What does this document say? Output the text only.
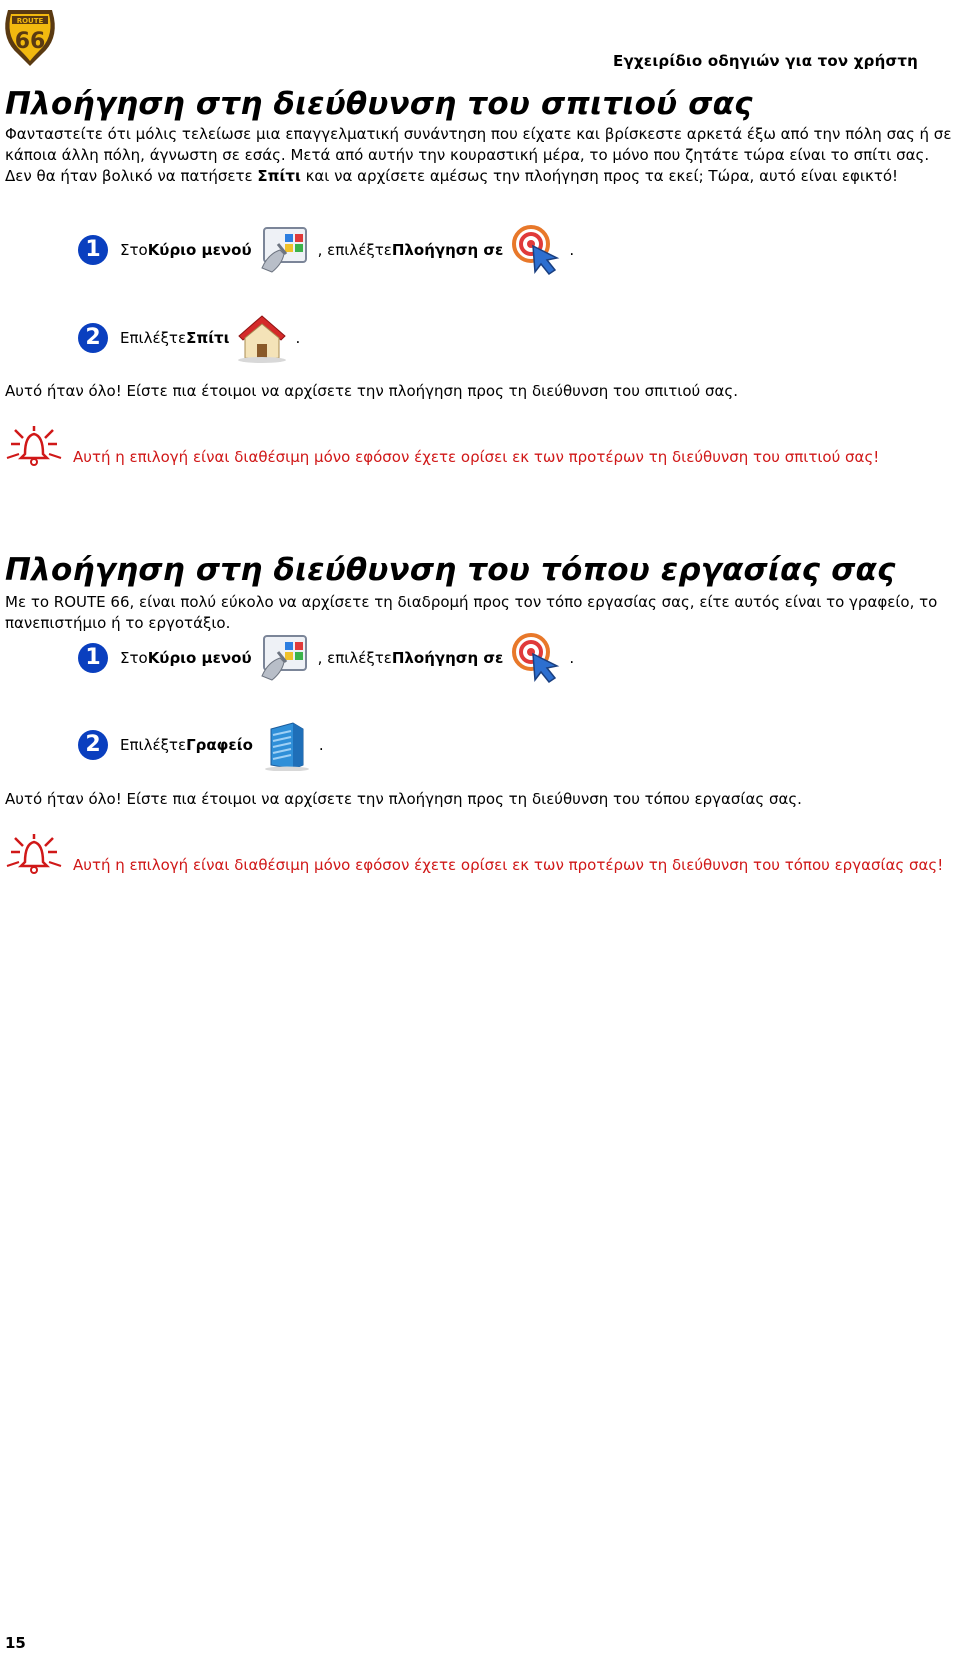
ROUTE
66
Εγχειρίδιο οδηγιών για τον χρήστη
Πλοήγηση στη διεύθυνση του σπιτιού σας

Φανταστείτε ότι μόλις τελείωσε μια επαγγελματική συνάντηση που είχατε και βρίσκεστε αρκετά έξω από την πόλη σας ή σε κάποια άλλη πόλη, άγνωστη σε εσάς. Μετά από αυτήν την κουραστική μέρα, το μόνο που ζητάτε τώρα είναι το σπίτι σας. Δεν θα ήταν βολικό να πατήσετε Σπίτι και να αρχίσετε αμέσως την πλοήγηση προς τα εκεί; Τώρα, αυτό είναι εφικτό!

1	Στο Κύριο μενού	, επιλέξτε Πλοήγηση σε	.
2	Επιλέξτε Σπίτι	.

Αυτό ήταν όλο! Είστε πια έτοιμοι να αρχίσετε την πλοήγηση προς τη διεύθυνση του σπιτιού σας.

Αυτή η επιλογή είναι διαθέσιμη μόνο εφόσον έχετε ορίσει εκ των προτέρων τη διεύθυνση του σπιτιού σας!

Πλοήγηση στη διεύθυνση του τόπου εργασίας σας

Με το ROUTE 66, είναι πολύ εύκολο να αρχίσετε τη διαδρομή προς τον τόπο εργασίας σας, είτε αυτός είναι το γραφείο, το πανεπιστήμιο ή το εργοτάξιο.

1	Στο Κύριο μενού	, επιλέξτε Πλοήγηση σε	.
2	Επιλέξτε Γραφείο	.

Αυτό ήταν όλο! Είστε πια έτοιμοι να αρχίσετε την πλοήγηση προς τη διεύθυνση του τόπου εργασίας σας.

Αυτή η επιλογή είναι διαθέσιμη μόνο εφόσον έχετε ορίσει εκ των προτέρων τη διεύθυνση του τόπου εργασίας σας!

15
